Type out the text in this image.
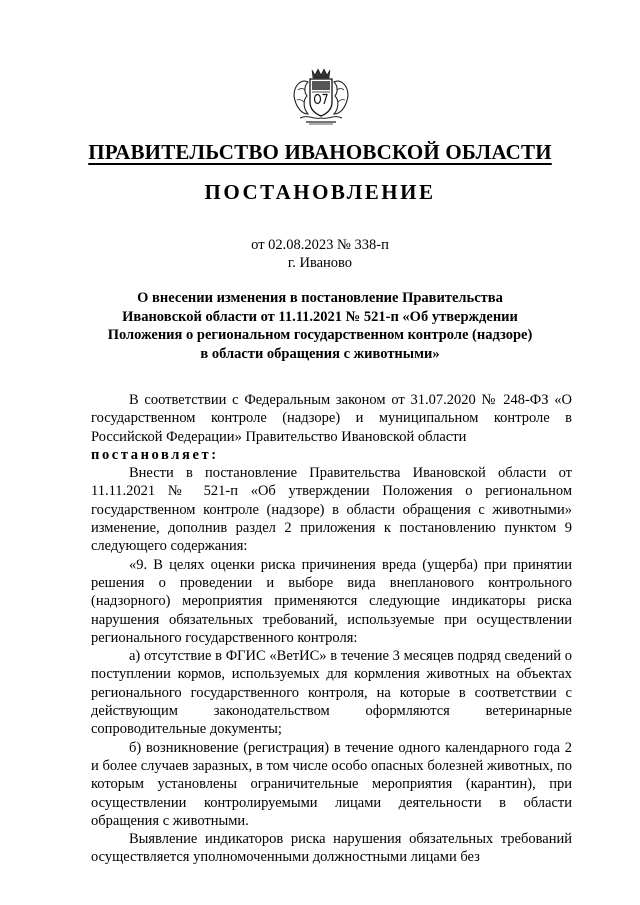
ПРАВИТЕЛЬСТВО ИВАНОВСКОЙ ОБЛАСТИ
ПОСТАНОВЛЕНИЕ
от 02.08.2023 № 338-п
г. Иваново
О внесении изменения в постановление Правительства
Ивановской области от 11.11.2021 № 521-п «Об утверждении
Положения о региональном государственном контроле (надзоре)
в области обращения с животными»

В соответствии с Федеральным законом от 31.07.2020 № 248-ФЗ «О государственном контроле (надзоре) и муниципальном контроле в Российской Федерации» Правительство Ивановской области

постановляет:

Внести в постановление Правительства Ивановской области от 11.11.2021 № 521-п «Об утверждении Положения о региональном государственном контроле (надзоре) в области обращения с животными» изменение, дополнив раздел 2 приложения к постановлению пунктом 9 следующего содержания:

«9. В целях оценки риска причинения вреда (ущерба) при принятии решения о проведении и выборе вида внепланового контрольного (надзорного) мероприятия применяются следующие индикаторы риска нарушения обязательных требований, используемые при осуществлении регионального государственного контроля:

а) отсутствие в ФГИС «ВетИС» в течение 3 месяцев подряд сведений о поступлении кормов, используемых для кормления животных на объектах регионального государственного контроля, на которые в соответствии с действующим законодательством оформляются ветеринарные сопроводительные документы;

б) возникновение (регистрация) в течение одного календарного года 2 и более случаев заразных, в том числе особо опасных болезней животных, по которым установлены ограничительные мероприятия (карантин), при осуществлении контролируемыми лицами деятельности в области обращения с животными.

Выявление индикаторов риска нарушения обязательных требований осуществляется уполномоченными должностными лицами без
